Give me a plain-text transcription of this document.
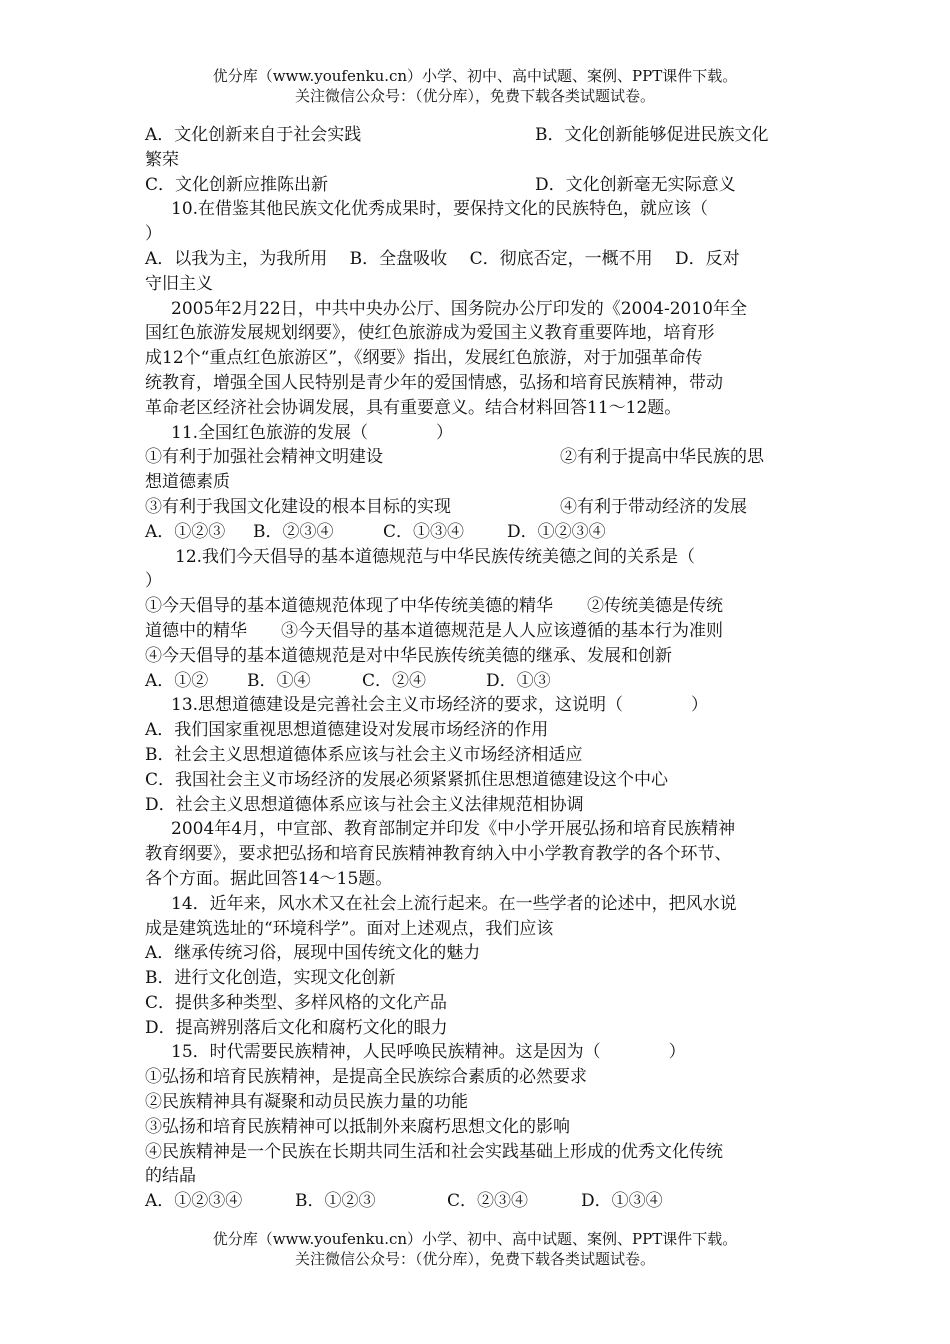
优分库（www.youfenku.cn）小学、初中、高中试题、案例、PPT课件下载。
关注微信公众号：（优分库），免费下载各类试题试卷。
A．文化创新来自于社会实践	B．文化创新能够促进民族文化
繁荣
C．文化创新应推陈出新	D．文化创新毫无实际意义
10.在借鉴其他民族文化优秀成果时，要保持文化的民族特色，就应该（
）
A．以我为主，为我所用　 B．全盘吸收　 C．彻底否定，一概不用　 D．反对
守旧主义
2005年2月22日，中共中央办公厅、国务院办公厅印发的《2004-2010年全
国红色旅游发展规划纲要》，使红色旅游成为爱国主义教育重要阵地，培育形
成12个“重点红色旅游区”，《纲要》指出，发展红色旅游，对于加强革命传
统教育，增强全国人民特别是青少年的爱国情感，弘扬和培育民族精神，带动
革命老区经济社会协调发展，具有重要意义。结合材料回答11～12题。
11.全国红色旅游的发展（　　　　）
①有利于加强社会精神文明建设	②有利于提高中华民族的思
想道德素质
③有利于我国文化建设的根本目标的实现	④有利于带动经济的发展
A．①②③	B．②③④	C．①③④	D．①②③④
12.我们今天倡导的基本道德规范与中华民族传统美德之间的关系是（
）
①今天倡导的基本道德规范体现了中华传统美德的精华　　②传统美德是传统
道德中的精华　　③今天倡导的基本道德规范是人人应该遵循的基本行为准则
④今天倡导的基本道德规范是对中华民族传统美德的继承、发展和创新
A．①②	B．①④	C．②④	D．①③
13.思想道德建设是完善社会主义市场经济的要求，这说明（　　　　）
A．我们国家重视思想道德建设对发展市场经济的作用
B．社会主义思想道德体系应该与社会主义市场经济相适应
C．我国社会主义市场经济的发展必须紧紧抓住思想道德建设这个中心
D．社会主义思想道德体系应该与社会主义法律规范相协调
2004年4月，中宣部、教育部制定并印发《中小学开展弘扬和培育民族精神
教育纲要》，要求把弘扬和培育民族精神教育纳入中小学教育教学的各个环节、
各个方面。据此回答14～15题。
14．近年来，风水术又在社会上流行起来。在一些学者的论述中，把风水说
成是建筑选址的“环境科学”。面对上述观点，我们应该
A．继承传统习俗，展现中国传统文化的魅力
B．进行文化创造，实现文化创新
C．提供多种类型、多样风格的文化产品
D．提高辨别落后文化和腐朽文化的眼力
15．时代需要民族精神，人民呼唤民族精神。这是因为（　　　　）
①弘扬和培育民族精神，是提高全民族综合素质的必然要求
②民族精神具有凝聚和动员民族力量的功能
③弘扬和培育民族精神可以抵制外来腐朽思想文化的影响
④民族精神是一个民族在长期共同生活和社会实践基础上形成的优秀文化传统
的结晶
A．①②③④	B．①②③	C．②③④	D．①③④
优分库（www.youfenku.cn）小学、初中、高中试题、案例、PPT课件下载。
关注微信公众号：（优分库），免费下载各类试题试卷。
